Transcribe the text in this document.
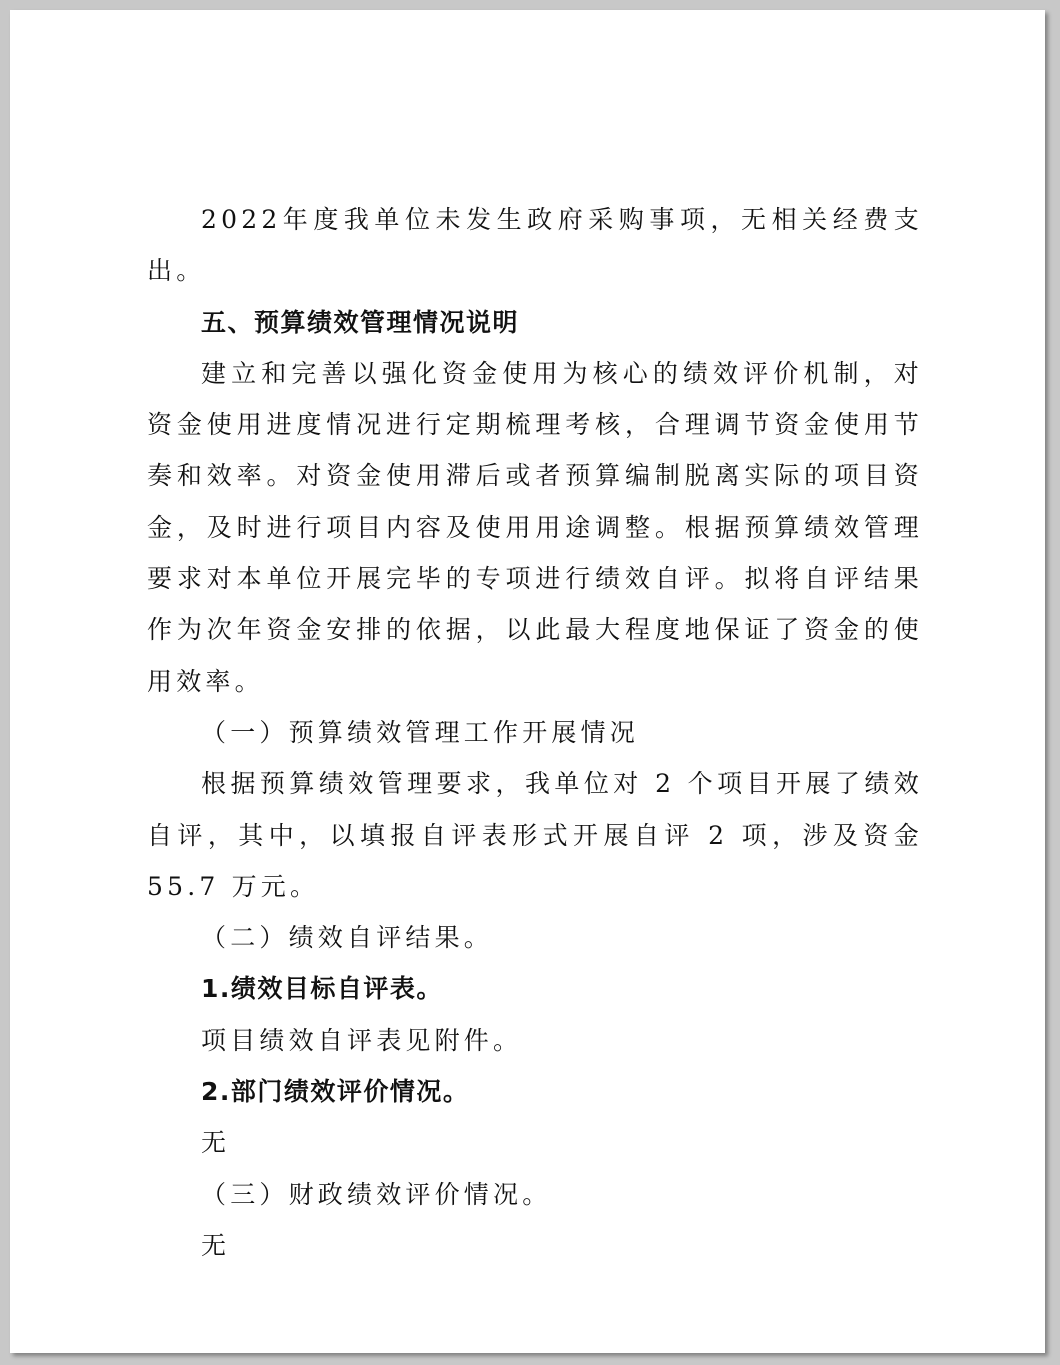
2022年度我单位未发生政府采购事项，无相关经费支出。

五、预算绩效管理情况说明

建立和完善以强化资金使用为核心的绩效评价机制，对资金使用进度情况进行定期梳理考核，合理调节资金使用节奏和效率。对资金使用滞后或者预算编制脱离实际的项目资金，及时进行项目内容及使用用途调整。根据预算绩效管理要求对本单位开展完毕的专项进行绩效自评。拟将自评结果作为次年资金安排的依据，以此最大程度地保证了资金的使用效率。

（一）预算绩效管理工作开展情况

根据预算绩效管理要求，我单位对 2 个项目开展了绩效自评，其中，以填报自评表形式开展自评 2 项，涉及资金 55.7 万元。

（二）绩效自评结果。

1.绩效目标自评表。

项目绩效自评表见附件。

2.部门绩效评价情况。

无

（三）财政绩效评价情况。

无
